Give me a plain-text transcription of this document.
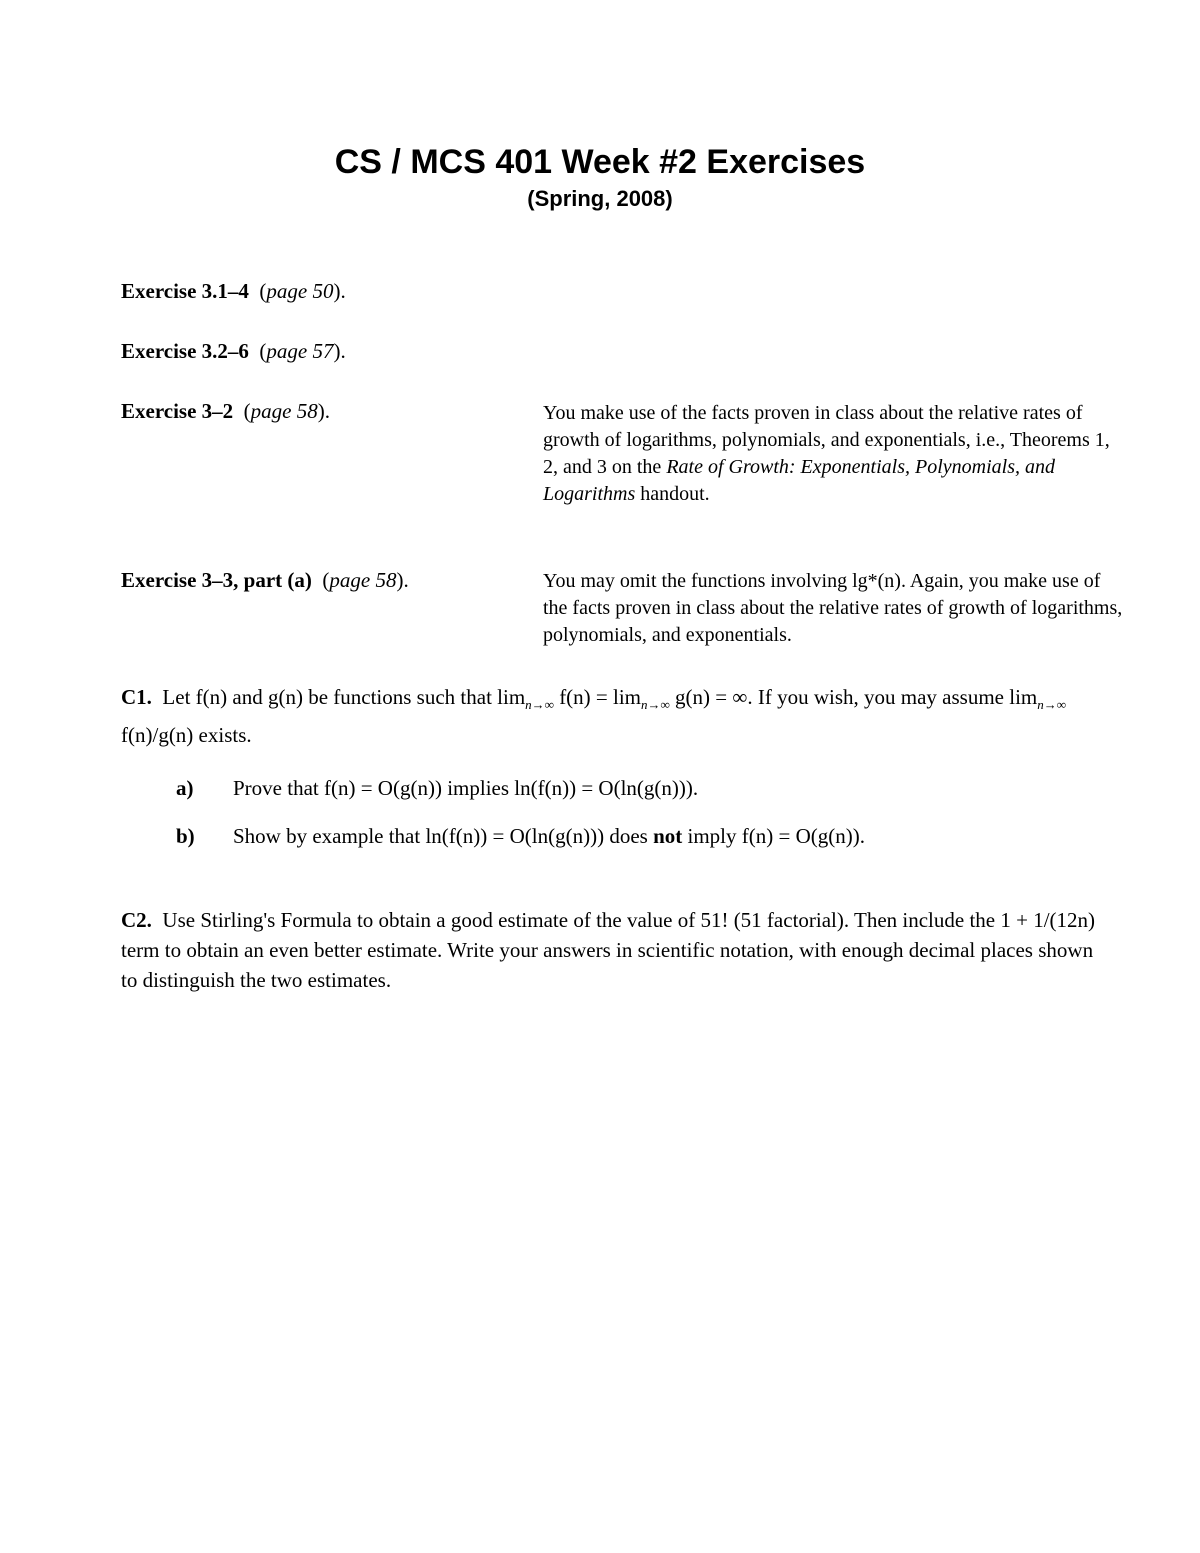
CS / MCS 401 Week #2 Exercises
(Spring, 2008)
Exercise 3.1–4  (page 50).
Exercise 3.2–6  (page 57).
Exercise 3–2  (page 58).	You make use of the facts proven in class about the relative rates of growth of logarithms, polynomials, and exponentials, i.e., Theorems 1, 2, and 3 on the Rate of Growth: Exponentials, Polynomials, and Logarithms handout.
Exercise 3–3, part (a)  (page 58).	You may omit the functions involving lg*(n). Again, you make use of the facts proven in class about the relative rates of growth of logarithms, polynomials, and exponentials.
C1. Let f(n) and g(n) be functions such that $\lim_{n\to\infty} f(n) = \lim_{n\to\infty} g(n)$ = ∞. If you wish, you may assume $\lim_{n\to\infty} f(n)/g(n)$ exists.
a) Prove that f(n) = O(g(n)) implies ln(f(n)) = O(ln(g(n))).
b) Show by example that ln(f(n)) = O(ln(g(n))) does not imply f(n) = O(g(n)).
C2. Use Stirling's Formula to obtain a good estimate of the value of 51! (51 factorial). Then include the 1 + 1/(12n) term to obtain an even better estimate. Write your answers in scientific notation, with enough decimal places shown to distinguish the two estimates.
